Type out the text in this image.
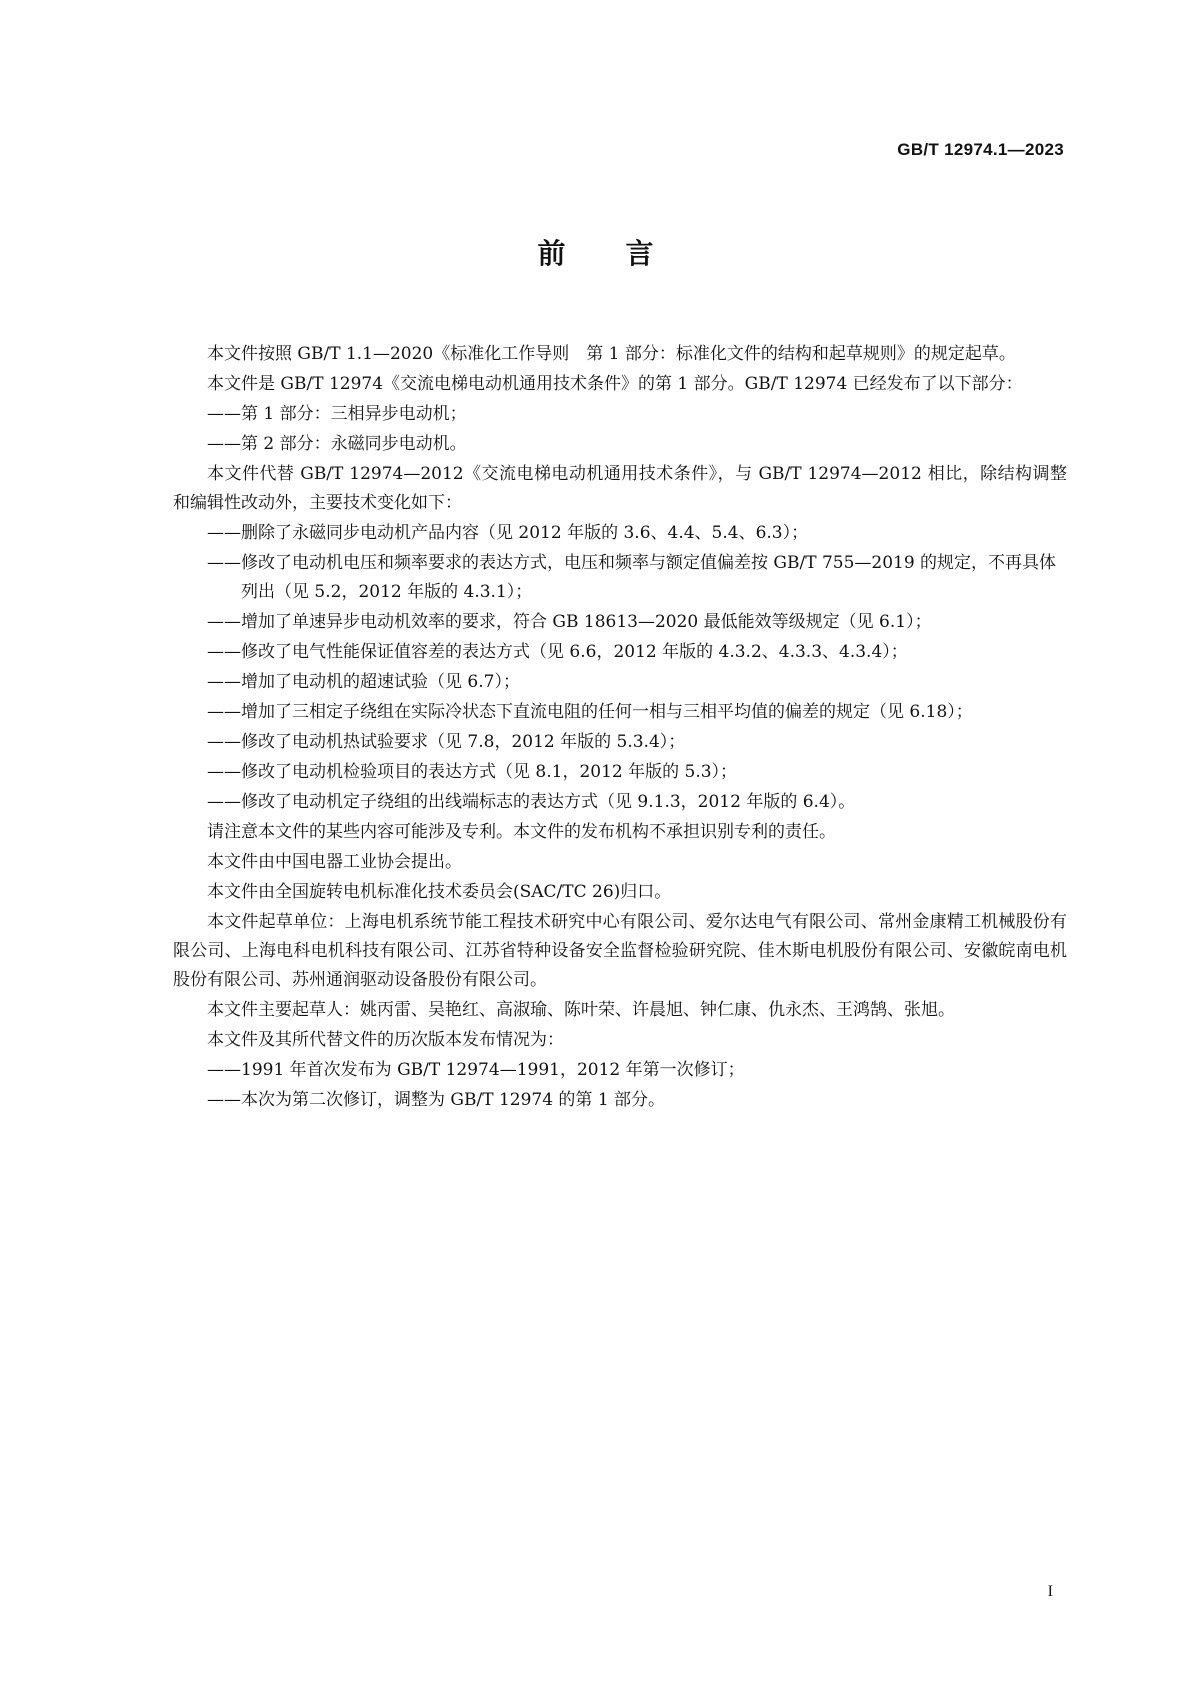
GB/T 12974.1—2023
前 言

本文件按照 GB/T 1.1—2020《标准化工作导则　第 1 部分：标准化文件的结构和起草规则》的规定起草。

本文件是 GB/T 12974《交流电梯电动机通用技术条件》的第 1 部分。GB/T 12974 已经发布了以下部分：

——第 1 部分：三相异步电动机；

——第 2 部分：永磁同步电动机。

本文件代替 GB/T 12974—2012《交流电梯电动机通用技术条件》，与 GB/T 12974—2012 相比，除结构调整和编辑性改动外，主要技术变化如下：

——删除了永磁同步电动机产品内容（见 2012 年版的 3.6、4.4、5.4、6.3）；

——修改了电动机电压和频率要求的表达方式，电压和频率与额定值偏差按 GB/T 755—2019 的规定，不再具体列出（见 5.2，2012 年版的 4.3.1）；

——增加了单速异步电动机效率的要求，符合 GB 18613—2020 最低能效等级规定（见 6.1）；

——修改了电气性能保证值容差的表达方式（见 6.6，2012 年版的 4.3.2、4.3.3、4.3.4）；

——增加了电动机的超速试验（见 6.7）；

——增加了三相定子绕组在实际冷状态下直流电阻的任何一相与三相平均值的偏差的规定（见 6.18）；

——修改了电动机热试验要求（见 7.8，2012 年版的 5.3.4）；

——修改了电动机检验项目的表达方式（见 8.1，2012 年版的 5.3）；

——修改了电动机定子绕组的出线端标志的表达方式（见 9.1.3，2012 年版的 6.4）。

请注意本文件的某些内容可能涉及专利。本文件的发布机构不承担识别专利的责任。

本文件由中国电器工业协会提出。

本文件由全国旋转电机标准化技术委员会(SAC/TC 26)归口。

本文件起草单位：上海电机系统节能工程技术研究中心有限公司、爱尔达电气有限公司、常州金康精工机械股份有限公司、上海电科电机科技有限公司、江苏省特种设备安全监督检验研究院、佳木斯电机股份有限公司、安徽皖南电机股份有限公司、苏州通润驱动设备股份有限公司。

本文件主要起草人：姚丙雷、吴艳红、高淑瑜、陈叶荣、许晨旭、钟仁康、仇永杰、王鸿鹄、张旭。

本文件及其所代替文件的历次版本发布情况为：

——1991 年首次发布为 GB/T 12974—1991，2012 年第一次修订；

——本次为第二次修订，调整为 GB/T 12974 的第 1 部分。

I
